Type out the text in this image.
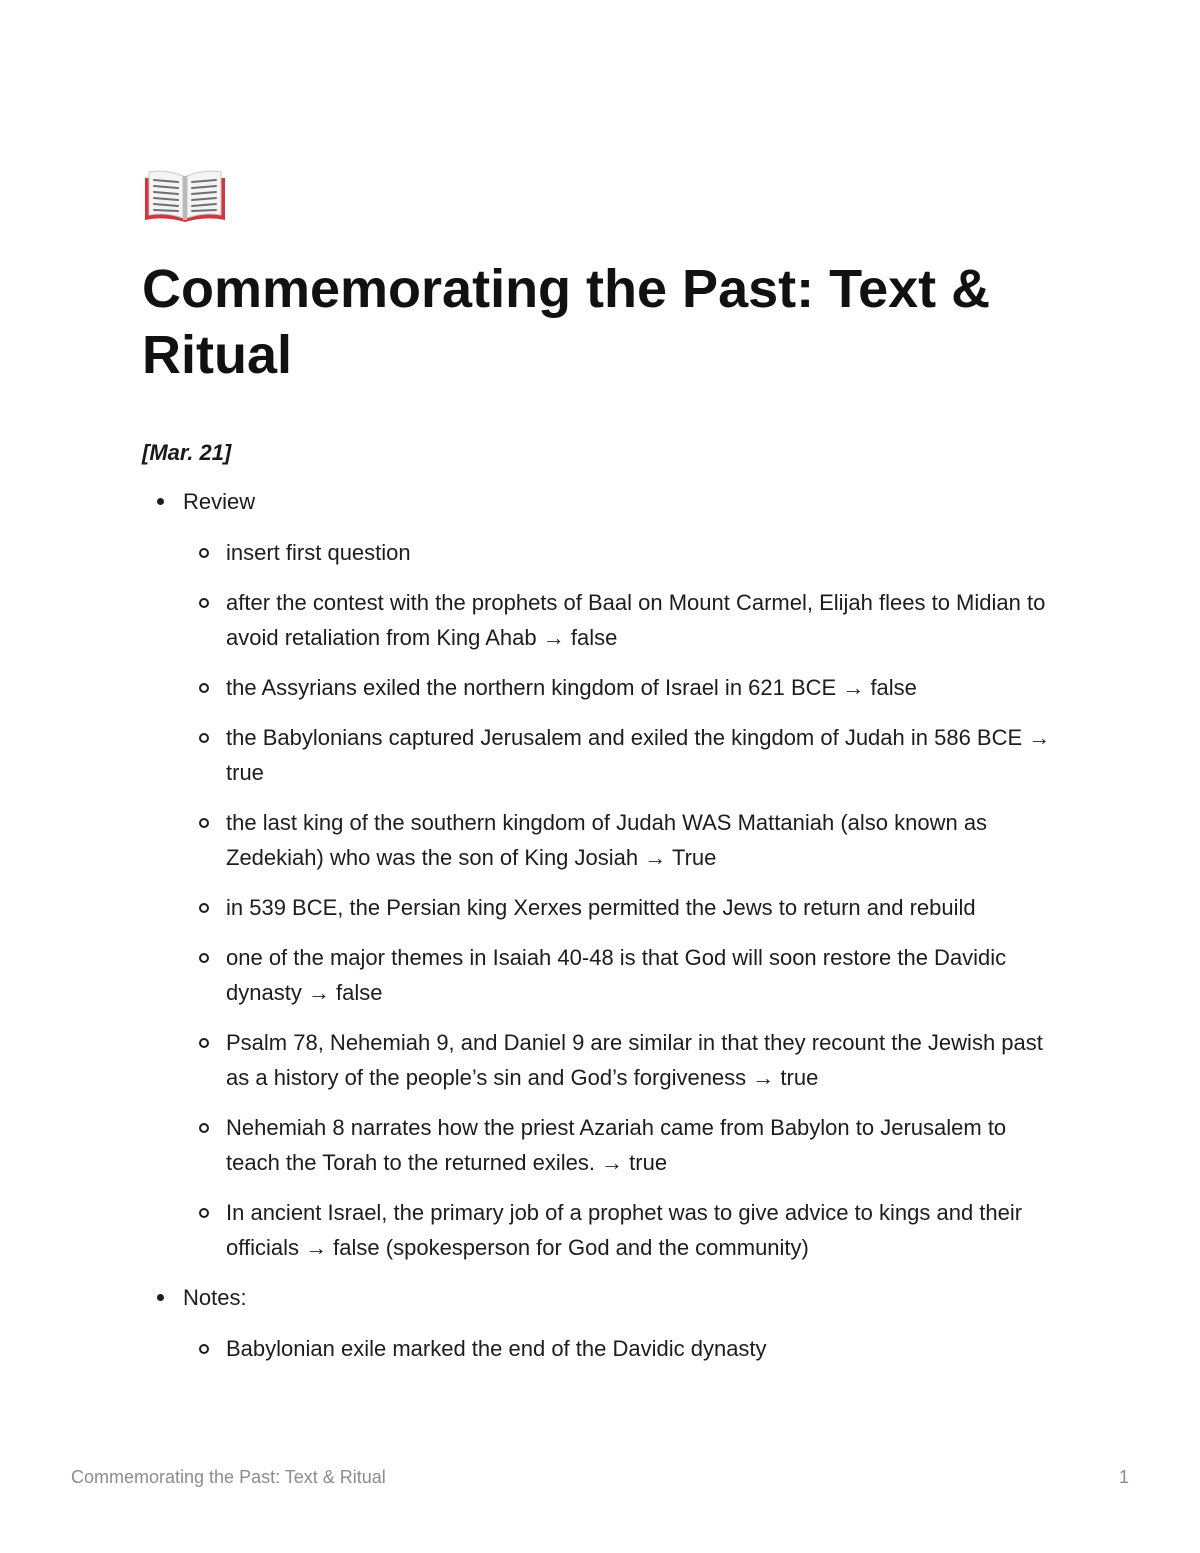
Commemorating the Past: Text & Ritual

[Mar. 21]

Review
insert first question
after the contest with the prophets of Baal on Mount Carmel, Elijah flees to Midian to avoid retaliation from King Ahab → false
the Assyrians exiled the northern kingdom of Israel in 621 BCE → false
the Babylonians captured Jerusalem and exiled the kingdom of Judah in 586 BCE → true
the last king of the southern kingdom of Judah WAS Mattaniah (also known as Zedekiah) who was the son of King Josiah → True
in 539 BCE, the Persian king Xerxes permitted the Jews to return and rebuild
one of the major themes in Isaiah 40-48 is that God will soon restore the Davidic dynasty → false
Psalm 78, Nehemiah 9, and Daniel 9 are similar in that they recount the Jewish past as a history of the people’s sin and God’s forgiveness → true
Nehemiah 8 narrates how the priest Azariah came from Babylon to Jerusalem to teach the Torah to the returned exiles. → true
In ancient Israel, the primary job of a prophet was to give advice to kings and their officials → false (spokesperson for God and the community)
Notes:
Babylonian exile marked the end of the Davidic dynasty
Commemorating the Past: Text & Ritual	1
